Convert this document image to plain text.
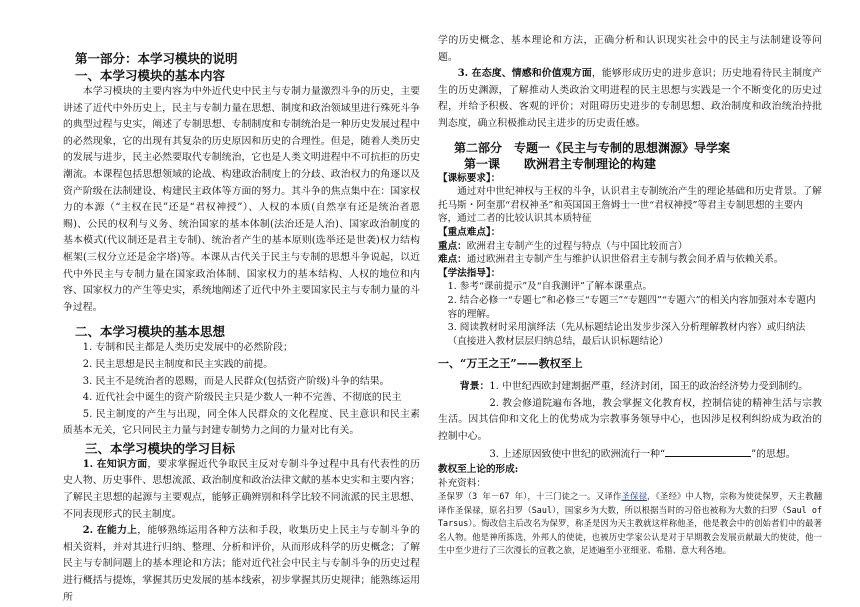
第一部分：本学习模块的说明
一、本学习模块的基本内容

本学习模块的主要内容为中外近代史中民主与专制力量激烈斗争的历史，主要讲述了近代中外历史上，民主与专制力量在思想、制度和政治领域里进行殊死斗争的典型过程与史实，阐述了专制思想、专制制度和专制统治是一种历史发展过程中的必然现象，它的出现有其复杂的历史原因和历史的合理性。但是，随着人类历史的发展与进步，民主必然要取代专制统治，它也是人类文明进程中不可抗拒的历史潮流。本课程包括思想领域的论战、构建政治制度上的分歧、政治权力的角逐以及资产阶级在法制建设、构建民主政体等方面的努力。其斗争的焦点集中在：国家权力的本源（“主权在民”还是“君权神授”）、人权的本质(自然享有还是统治者恩赐)、公民的权利与义务、统治国家的基本体制(法治还是人治)、国家政治制度的基本模式(代议制还是君主专制)、统治者产生的基本原则(选举还是世袭)权力结构框架(三权分立还是金字塔)等。本课从古代关于民主与专制的思想斗争说起，以近代中外民主与专制力量在国家政治体制、国家权力的基本结构、人权的地位和内容、国家权力的产生等史实，系统地阐述了近代中外主要国家民主与专制力量的斗争过程。

二、本学习模块的基本思想

1. 专制和民主都是人类历史发展中的必然阶段；

2. 民主思想是民主制度和民主实践的前提。

3. 民主不是统治者的恩赐，而是人民群众(包括资产阶级)斗争的结果。

4. 近代社会中诞生的资产阶级民主只是少数人一种不完善、不彻底的民主

5. 民主制度的产生与出现，同全体人民群众的文化程度、民主意识和民主素质基本无关，它只同民主力量与封建专制势力之间的力量对比有关。

三、本学习模块的学习目标

1. 在知识方面，要求掌握近代争取民主反对专制斗争过程中具有代表性的历史人物、历史事件、思想流派、政治制度和政治法律文献的基本史实和主要内容；了解民主思想的起源与主要观点，能够正确辨别和科学比较不同流派的民主思想、不同表现形式的民主制度。

2. 在能力上，能够熟练运用各种方法和手段，收集历史上民主与专制斗争的相关资料，并对其进行归纳、整理、分析和评价，从而形成科学的历史概念；了解民主与专制问题上的基本理论和方法；能对近代社会中民主与专制斗争的历史过程进行概括与提炼，掌握其历史发展的基本线索，初步掌握其历史规律；能熟练运用所

学的历史概念、基本理论和方法，正确分析和认识现实社会中的民主与法制建设等问题。

3. 在态度、情感和价值观方面，能够形成历史的进步意识；历史地看待民主制度产生的历史渊源，了解推动人类政治文明进程的民主思想与实践是一个不断变化的历史过程，并给予积极、客观的评价；对阻碍历史进步的专制思想、政治制度和政治统治持批判态度，确立积极推动民主进步的历史责任感。

第二部分　专题一《民主与专制的思想渊源》导学案
第一课　　欧洲君主专制理论的构建

【课标要求】：

通过对中世纪神权与王权的斗争，认识君主专制统治产生的理论基础和历史背景。了解托马斯・阿奎那“君权神圣”和英国国王詹姆士一世“君权神授”等君主专制思想的主要内容，通过二者的比较认识其本质特征

【重点难点】：

重点：欧洲君主专制产生的过程与特点（与中国比较而言）

难点：通过欧洲君主专制产生与维护认识世俗君主专制与教会间矛盾与依赖关系。

【学法指导】：

1. 参考“课前提示”及“自我测评”了解本课重点。

2. 结合必修一“专题七”和必修三“专题三”“专题四”“专题六”的相关内容加强对本专题内容的理解。

3. 阅读教材时采用演绎法（先从标题结论出发步步深入分析理解教材内容）或归纳法（直接进入教材层层归纳总结，最后认识标题结论）

一、“万王之王”——教权至上

背景：1. 中世纪西欧封建割据严重，经济封闭，国王的政治经济势力受到制约。

2. 教会修道院遍布各地，教会掌握文化教育权，控制信徒的精神生活与宗教生活。因其信仰和文化上的优势成为宗教事务领导中心，也因涉足权利纠纷成为政治的控制中心。

3. 上述原因致使中世纪的欧洲流行一种“	”的思想。

教权至上论的形成:

补充资料：

圣保罗（3 年－67 年），十三门徒之一。又译作圣保禄，《圣经》中人物，宗称为使徒保罗，天主教翻译作圣保禄，原名扫罗（Saul），国家乡为大数，所以根据当时的习俗也被称为大数的扫罗（Saul of Tarsus）。悔改信主后改名为保罗，称圣是因为天主教就这样称他圣，他是教会中的创始者们中的最著名人物。他是神所拣选，外邦人的使徒，也被历史学家公认是对于早期教会发展贡献最大的使徒，他一生中至少进行了三次漫长的宣教之旅，足迹遍至小亚细亚、希腊、意大利各地。
